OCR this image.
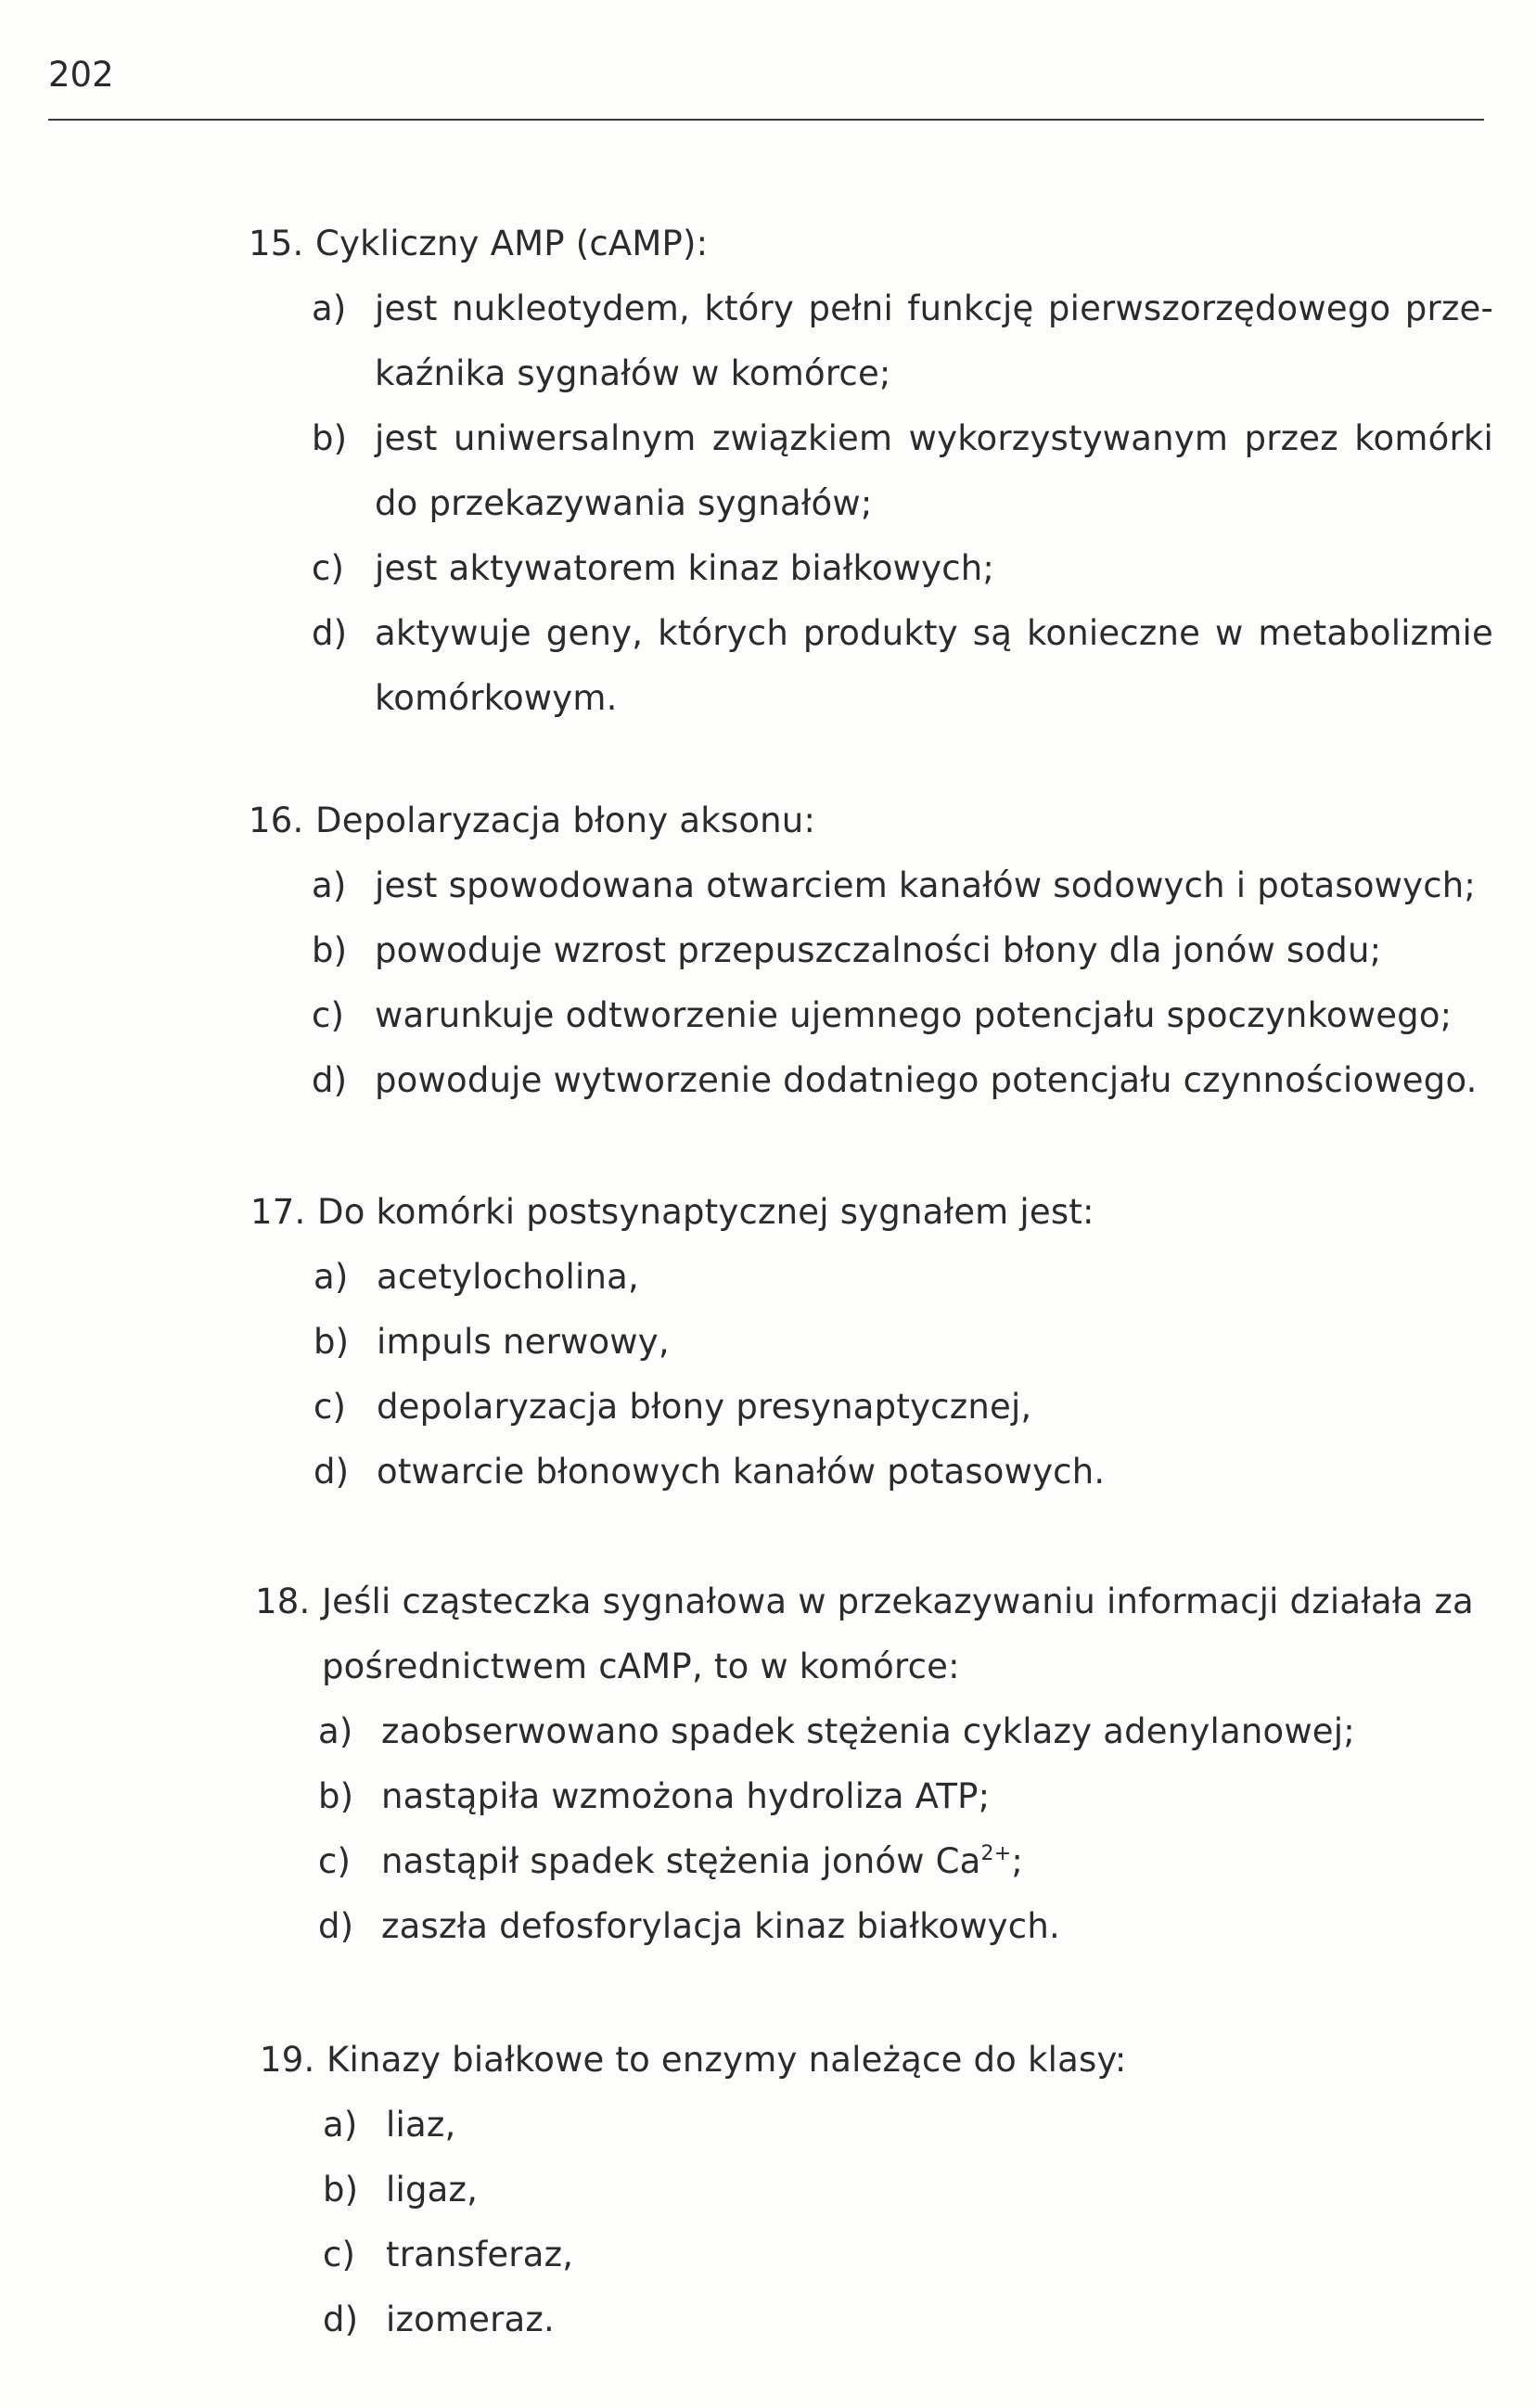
202

15. Cykliczny AMP (cAMP):

a) jest nukleotydem, który pełni funkcję pierwszorzędowego prze-kaźnika sygnałów w komórce;
b) jest uniwersalnym związkiem wykorzystywanym przez komórki do przekazywania sygnałów;
c) jest aktywatorem kinaz białkowych;
d) aktywuje geny, których produkty są konieczne w metabolizmie komórkowym.

16. Depolaryzacja błony aksonu:

a) jest spowodowana otwarciem kanałów sodowych i potasowych;
b) powoduje wzrost przepuszczalności błony dla jonów sodu;
c) warunkuje odtworzenie ujemnego potencjału spoczynkowego;
d) powoduje wytworzenie dodatniego potencjału czynnościowego.

17. Do komórki postsynaptycznej sygnałem jest:

a) acetylocholina,
b) impuls nerwowy,
c) depolaryzacja błony presynaptycznej,
d) otwarcie błonowych kanałów potasowych.

18. Jeśli cząsteczka sygnałowa w przekazywaniu informacji działała za pośrednictwem cAMP, to w komórce:

a) zaobserwowano spadek stężenia cyklazy adenylanowej;
b) nastąpiła wzmożona hydroliza ATP;
c) nastąpił spadek stężenia jonów $Ca^{2+}$;
d) zaszła defosforylacja kinaz białkowych.

19. Kinazy białkowe to enzymy należące do klasy:

a) liaz,
b) ligaz,
c) transferaz,
d) izomeraz.
